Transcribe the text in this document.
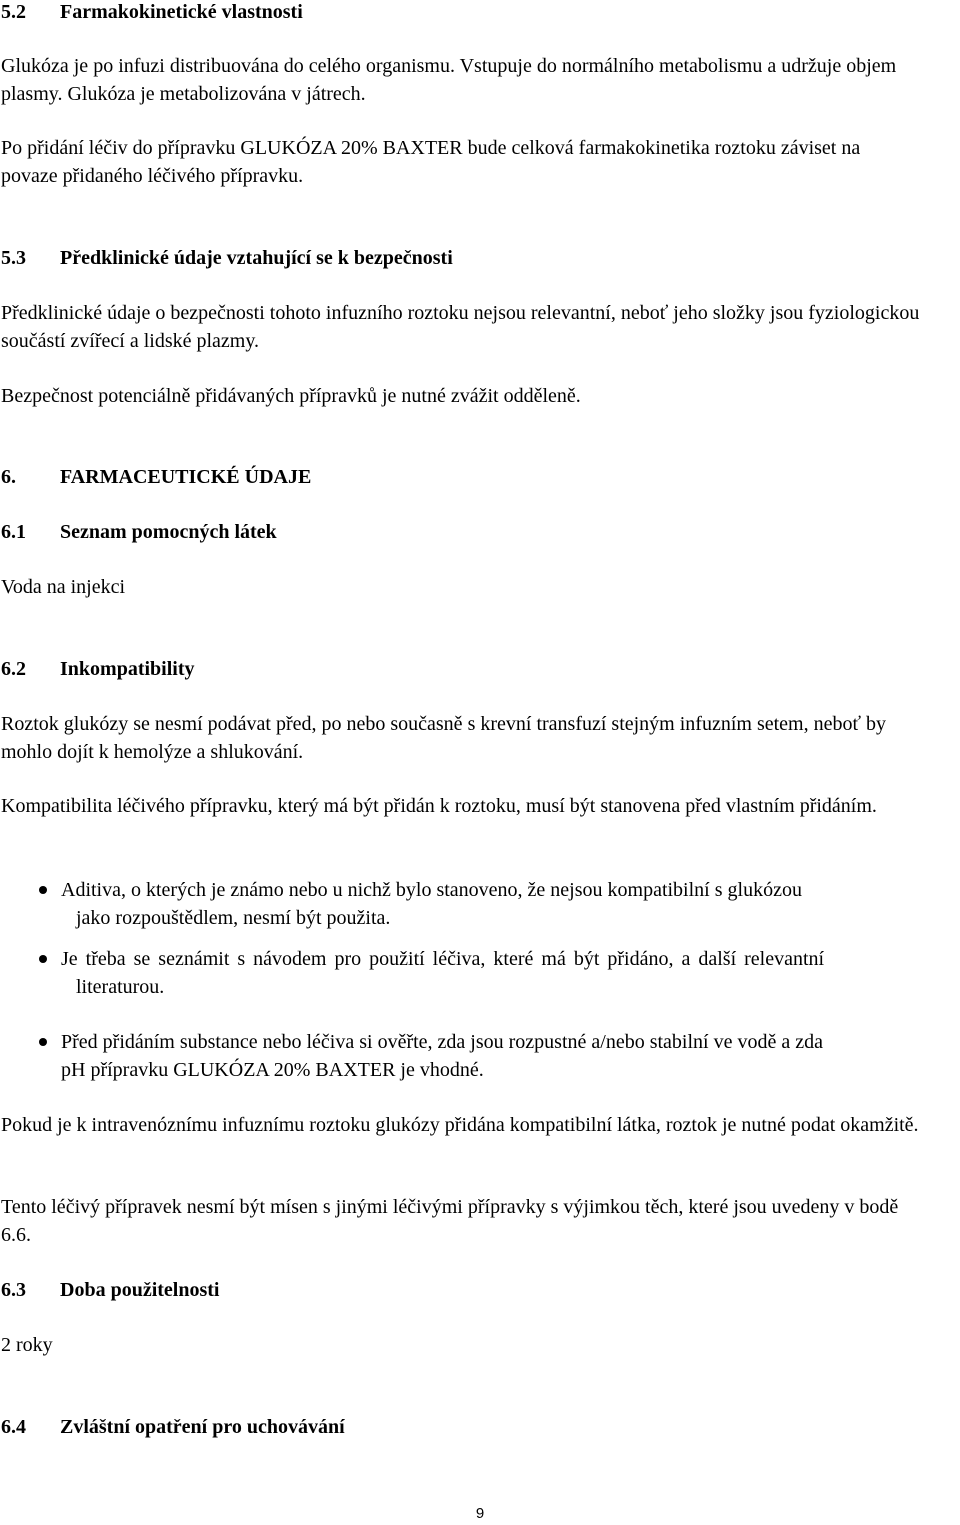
5.2 Farmakokinetické vlastnosti

Glukóza je po infuzi distribuována do celého organismu. Vstupuje do normálního metabolismu a udržuje objem plasmy. Glukóza je metabolizována v játrech.

Po přidání léčiv do přípravku GLUKÓZA 20% BAXTER bude celková farmakokinetika roztoku záviset na povaze přidaného léčivého přípravku.

5.3 Předklinické údaje vztahující se k bezpečnosti

Předklinické údaje o bezpečnosti tohoto infuzního roztoku nejsou relevantní, neboť jeho složky jsou fyziologickou součástí zvířecí a lidské plazmy.

Bezpečnost potenciálně přidávaných přípravků je nutné zvážit odděleně.

6. FARMACEUTICKÉ ÚDAJE
6.1 Seznam pomocných látek

Voda na injekci

6.2 Inkompatibility

Roztok glukózy se nesmí podávat před, po nebo současně s krevní transfuzí stejným infuzním setem, neboť by mohlo dojít k hemolýze a shlukování.

Kompatibilita léčivého přípravku, který má být přidán k roztoku, musí být stanovena před vlastním přidáním.

Aditiva, o kterých je známo nebo u nichž bylo stanoveno, že nejsou kompatibilní s glukózou
jako rozpouštědlem, nesmí být použita.
Je třeba se seznámit s návodem pro použití léčiva, které má být přidáno, a další relevantní
literaturou.
Před přidáním substance nebo léčiva si ověřte, zda jsou rozpustné a/nebo stabilní ve vodě a zda
pH přípravku GLUKÓZA 20% BAXTER je vhodné.

Pokud je k intravenóznímu infuznímu roztoku glukózy přidána kompatibilní látka, roztok je nutné podat okamžitě.

Tento léčivý přípravek nesmí být mísen s jinými léčivými přípravky s výjimkou těch, které jsou uvedeny v bodě 6.6.

6.3 Doba použitelnosti

2 roky

6.4 Zvláštní opatření pro uchovávání
9
